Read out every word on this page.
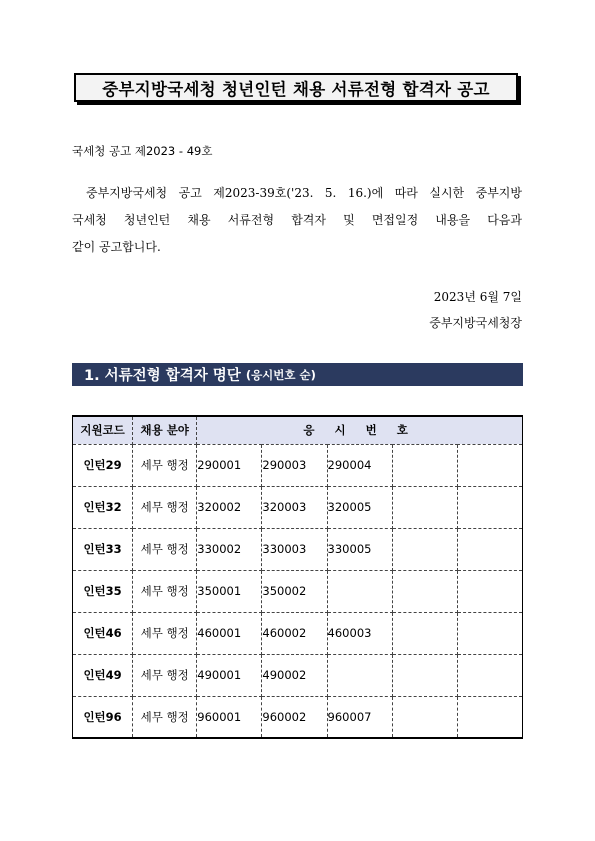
중부지방국세청 청년인턴 채용 서류전형 합격자 공고
국세청 공고 제2023 - 49호
중부지방국세청 공고 제2023-39호('23. 5. 16.)에 따라 실시한 중부지방
국세청 청년인턴 채용 서류전형 합격자 및 면접일정 내용을 다음과
같이 공고합니다.
2023년 6월 7일
중부지방국세청장
1. 서류전형 합격자 명단 (응시번호 순)
지원코드	채용 분야	응 시 번 호				
인턴29	세무 행정	290001	290003	290004		
인턴32	세무 행정	320002	320003	320005		
인턴33	세무 행정	330002	330003	330005		
인턴35	세무 행정	350001	350002			
인턴46	세무 행정	460001	460002	460003		
인턴49	세무 행정	490001	490002			
인턴96	세무 행정	960001	960002	960007		
